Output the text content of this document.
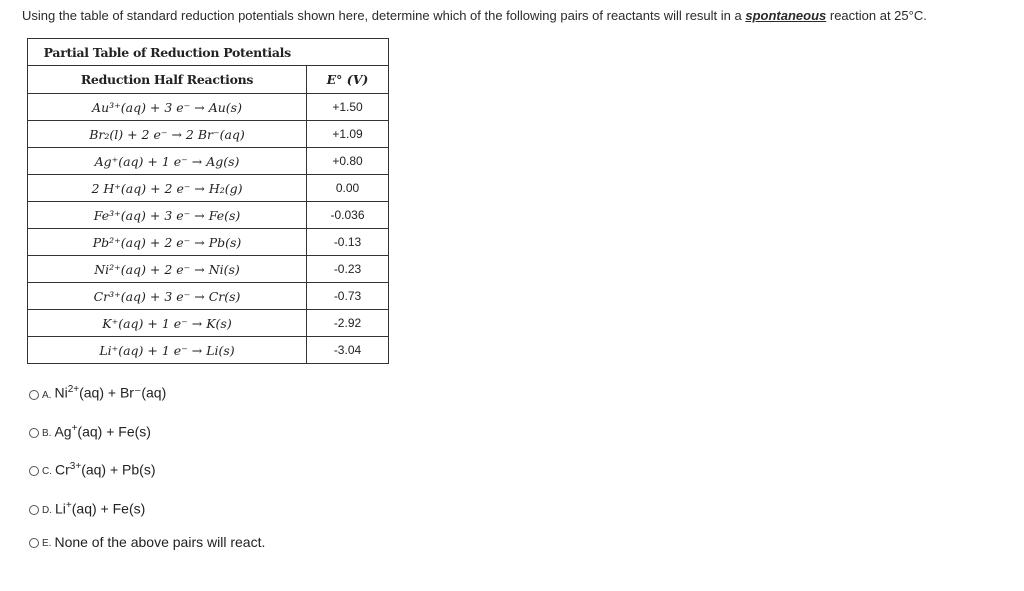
Using the table of standard reduction potentials shown here, determine which of the following pairs of reactants will result in a spontaneous reaction at 25°C.
Partial Table of Reduction Potentials	
Reduction Half Reactions	E° (V)
Au³⁺(aq) + 3 e⁻ → Au(s)	+1.50
Br₂(l) + 2 e⁻ → 2 Br⁻(aq)	+1.09
Ag⁺(aq) + 1 e⁻ → Ag(s)	+0.80
2 H⁺(aq) + 2 e⁻ → H₂(g)	0.00
Fe³⁺(aq) + 3 e⁻ → Fe(s)	-0.036
Pb²⁺(aq) + 2 e⁻ → Pb(s)	-0.13
Ni²⁺(aq) + 2 e⁻ → Ni(s)	-0.23
Cr³⁺(aq) + 3 e⁻ → Cr(s)	-0.73
K⁺(aq) + 1 e⁻ → K(s)	-2.92
Li⁺(aq) + 1 e⁻ → Li(s)	-3.04
A. $Ni^{2+}(aq) + Br^-(aq)$
B. Ag+(aq) + Fe(s)
C. $Cr^{3+}(aq) + Pb(s)$
D. Li+(aq) + Fe(s)
E. None of the above pairs will react.
